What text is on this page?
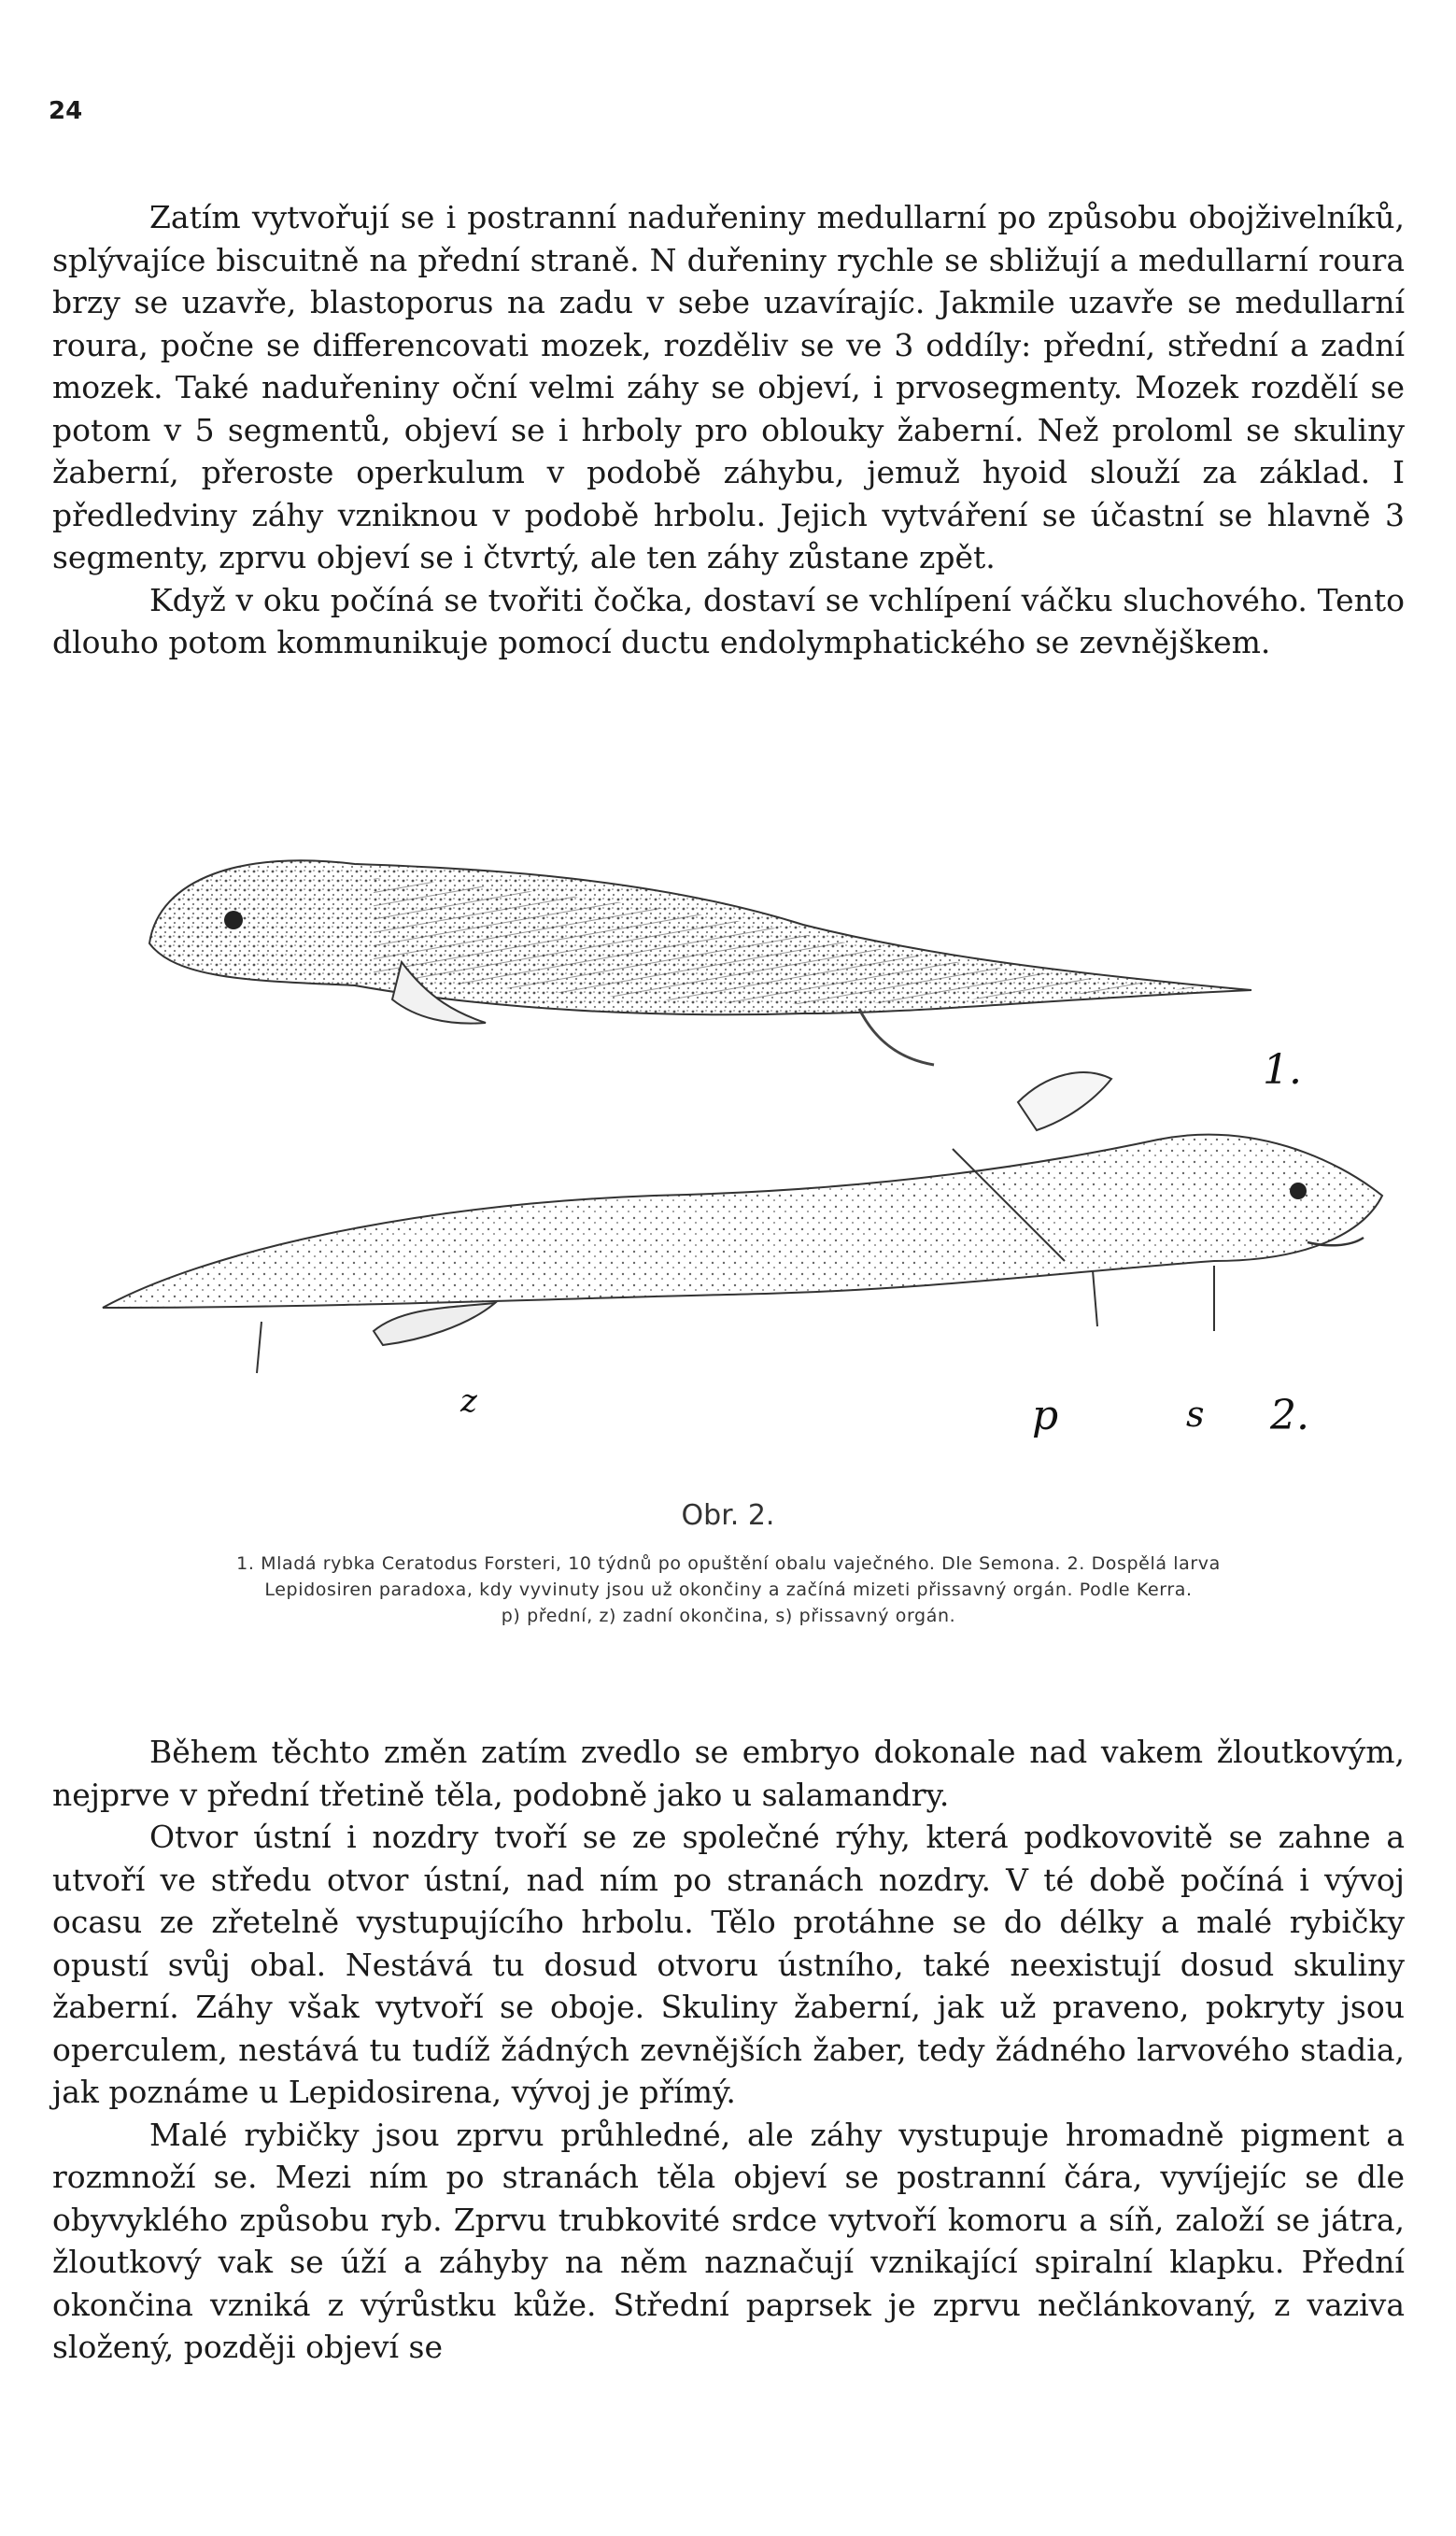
24

Zatím vytvořují se i postranní naduřeniny medullarní po způsobu obojživelníků, splývajíce biscuitně na přední straně. N duřeniny rychle se sbližují a medullarní roura brzy se uzavře, blastoporus na zadu v sebe uzavírajíc. Jakmile uzavře se medullarní roura, počne se differencovati mozek, rozděliv se ve 3 oddíly: přední, střední a zadní mozek. Také naduřeniny oční velmi záhy se objeví, i prvosegmenty. Mozek rozdělí se potom v 5 segmentů, objeví se i hrboly pro oblouky žaberní. Než proloml se skuliny žaberní, přeroste operkulum v podobě záhybu, jemuž hyoid slouží za základ. I předledviny záhy vzniknou v podobě hrbolu. Jejich vytváření se účastní se hlavně 3 segmenty, zprvu objeví se i čtvrtý, ale ten záhy zůstane zpět.

Když v oku počíná se tvořiti čočka, dostaví se vchlípení váčku sluchového. Tento dlouho potom kommunikuje pomocí ductu endolymphatického se zevnějškem.

1.
2.
z	p	s
Obr. 2.
1. Mladá rybka Ceratodus Forsteri, 10 týdnů po opuštění obalu vaječného. Dle Semona. 2. Dospělá larva
Lepidosiren paradoxa, kdy vyvinuty jsou už okončiny a začíná mizeti přissavný orgán. Podle Kerra.
p) přední, z) zadní okončina, s) přissavný orgán.

Během těchto změn zatím zvedlo se embryo dokonale nad vakem žloutkovým, nejprve v přední třetině těla, podobně jako u salamandry.

Otvor ústní i nozdry tvoří se ze společné rýhy, která podkovovitě se zahne a utvoří ve středu otvor ústní, nad ním po stranách nozdry. V té době počíná i vývoj ocasu ze zřetelně vystupujícího hrbolu. Tělo protáhne se do délky a malé rybičky opustí svůj obal. Nestává tu dosud otvoru ústního, také neexistují dosud skuliny žaberní. Záhy však vytvoří se oboje. Skuliny žaberní, jak už praveno, pokryty jsou operculem, nestává tu tudíž žádných zevnějších žaber, tedy žádného larvového stadia, jak poznáme u Lepidosirena, vývoj je přímý.

Malé rybičky jsou zprvu průhledné, ale záhy vystupuje hromadně pigment a rozmnoží se. Mezi ním po stranách těla objeví se postranní čára, vyvíjejíc se dle obyvyklého způsobu ryb. Zprvu trubkovité srdce vytvoří komoru a síň, založí se játra, žloutkový vak se úží a záhyby na něm naznačují vznikající spiralní klapku. Přední okončina vzniká z výrůstku kůže. Střední paprsek je zprvu nečlánkovaný, z vaziva složený, později objeví se
